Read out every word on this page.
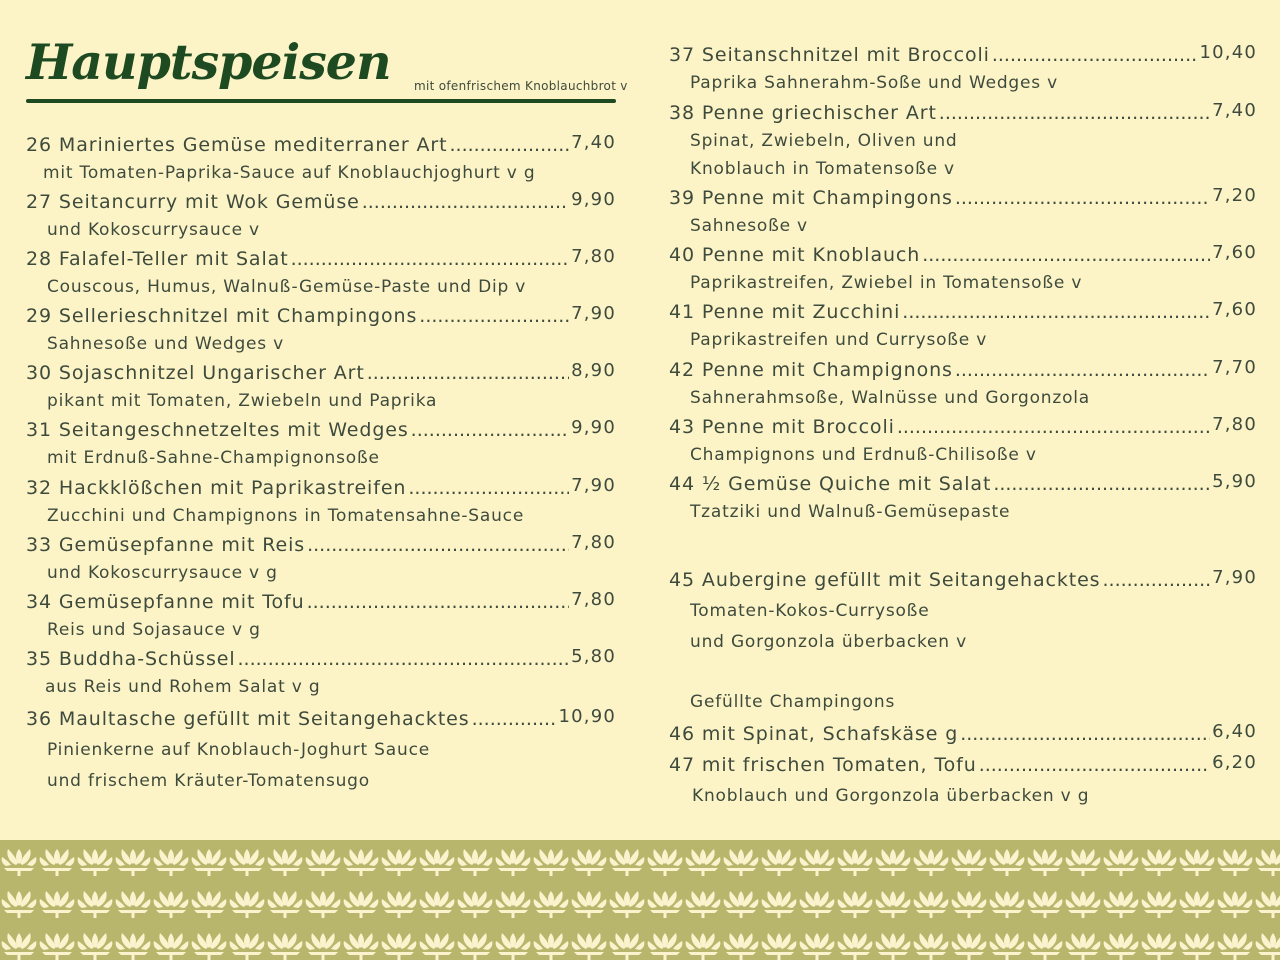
Hauptspeisen mit ofenfrischem Knoblauchbrot v
26 Mariniertes Gemüse mediterraner Art .....	7,40
mit Tomaten-Paprika-Sauce auf Knoblauchjoghurt v g
27 Seitancurry mit Wok Gemüse .....	9,90
und Kokoscurrysauce v
28 Falafel-Teller mit Salat .....	7,80
Couscous, Humus, Walnuß-Gemüse-Paste und Dip v
29 Sellerieschnitzel mit Champingons .....	7,90
Sahnesoße und Wedges v
30 Sojaschnitzel Ungarischer Art .....	8,90
pikant mit Tomaten, Zwiebeln und Paprika
31 Seitangeschnetzeltes mit Wedges .....	9,90
mit Erdnuß-Sahne-Champignonsoße
32 Hackklößchen mit Paprikastreifen .....	7,90
Zucchini und Champignons in Tomatensahne-Sauce
33 Gemüsepfanne mit Reis .....	7,80
und Kokoscurrysauce v g
34 Gemüsepfanne mit Tofu .....	7,80
Reis und Sojasauce v g
35 Buddha-Schüssel .....	5,80
aus Reis und Rohem Salat v g
36 Maultasche gefüllt mit Seitangehacktes .....	10,90
Pinienkerne auf Knoblauch-Joghurt Sauce
und frischem Kräuter-Tomatensugo
37 Seitanschnitzel mit Broccoli .....	10,40
Paprika Sahnerahm-Soße und Wedges v
38 Penne griechischer Art .....	7,40
Spinat, Zwiebeln, Oliven und
Knoblauch in Tomatensoße v
39 Penne mit Champingons .....	7,20
Sahnesoße v
40 Penne mit Knoblauch .....	7,60
Paprikastreifen, Zwiebel in Tomatensoße v
41 Penne mit Zucchini .....	7,60
Paprikastreifen und Currysoße v
42 Penne mit Champignons .....	7,70
Sahnerahmsoße, Walnüsse und Gorgonzola
43 Penne mit Broccoli .....	7,80
Champignons und Erdnuß-Chilisoße v
44 ½ Gemüse Quiche mit Salat .....	5,90
Tzatziki und Walnuß-Gemüsepaste
45 Aubergine gefüllt mit Seitangehacktes .....	7,90
Tomaten-Kokos-Currysoße
und Gorgonzola überbacken v
Gefüllte Champingons
46 mit Spinat, Schafskäse g .....	6,40
47 mit frischen Tomaten, Tofu .....	6,20
Knoblauch und Gorgonzola überbacken v g
